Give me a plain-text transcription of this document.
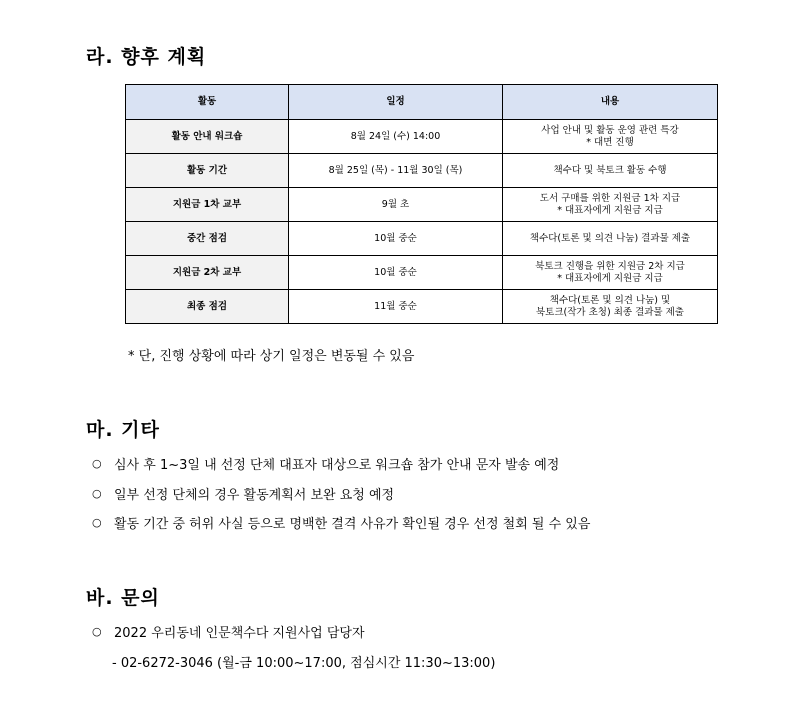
라. 향후 계획
활동	일정	내용
활동 안내 워크숍	8월 24일 (수) 14:00	사업 안내 및 활동 운영 관련 특강
* 대면 진행

활동 기간	8월 25일 (목) - 11월 30일 (목)	책수다 및 북토크 활동 수행

지원금 1차 교부	9월 초	도서 구매를 위한 지원금 1차 지급
* 대표자에게 지원금 지급

중간 점검	10월 중순	책수다(토론 및 의견 나눔) 결과물 제출

지원금 2차 교부	10월 중순	북토크 진행을 위한 지원금 2차 지급
* 대표자에게 지원금 지급

최종 점검	11월 중순	책수다(토론 및 의견 나눔) 및
북토크(작가 초청) 최종 결과물 제출
* 단, 진행 상황에 따라 상기 일정은 변동될 수 있음
마. 기타
○ 심사 후 1~3일 내 선정 단체 대표자 대상으로 워크숍 참가 안내 문자 발송 예정
○ 일부 선정 단체의 경우 활동계획서 보완 요청 예정
○ 활동 기간 중 허위 사실 등으로 명백한 결격 사유가 확인될 경우 선정 철회 될 수 있음
바. 문의
○ 2022 우리동네 인문책수다 지원사업 담당자
- 02-6272-3046 (월-금 10:00~17:00, 점심시간 11:30~13:00)
